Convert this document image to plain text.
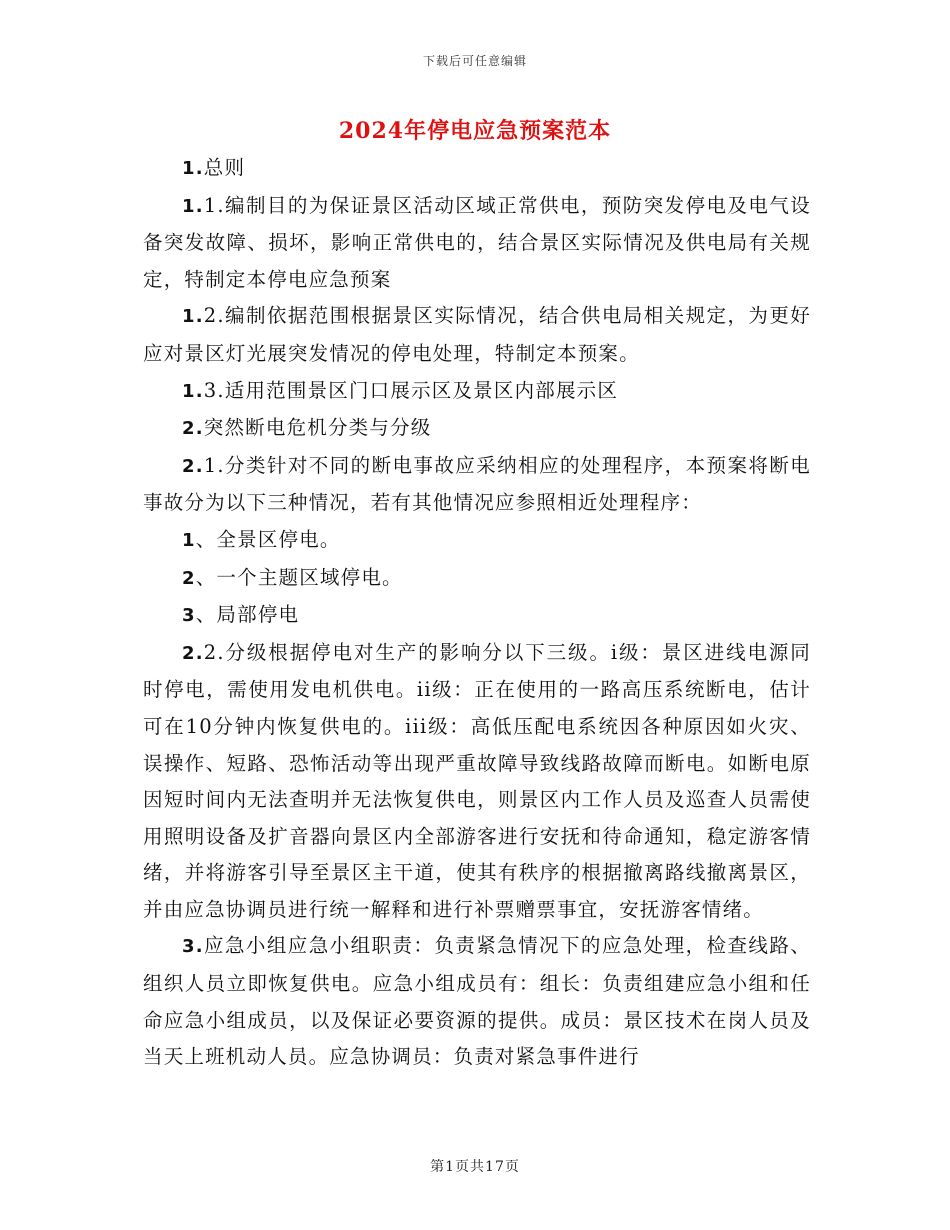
下载后可任意编辑
2024年停电应急预案范本

1.总则

1.1.编制目的为保证景区活动区域正常供电，预防突发停电及电气设备突发故障、损坏，影响正常供电的，结合景区实际情况及供电局有关规定，特制定本停电应急预案

1.2.编制依据范围根据景区实际情况，结合供电局相关规定，为更好应对景区灯光展突发情况的停电处理，特制定本预案。

1.3.适用范围景区门口展示区及景区内部展示区

2.突然断电危机分类与分级

2.1.分类针对不同的断电事故应采纳相应的处理程序，本预案将断电事故分为以下三种情况，若有其他情况应参照相近处理程序：

1、全景区停电。

2、一个主题区域停电。

3、局部停电

2.2.分级根据停电对生产的影响分以下三级。i级：景区进线电源同时停电，需使用发电机供电。ii级：正在使用的一路高压系统断电，估计可在10分钟内恢复供电的。iii级：高低压配电系统因各种原因如火灾、误操作、短路、恐怖活动等出现严重故障导致线路故障而断电。如断电原因短时间内无法查明并无法恢复供电，则景区内工作人员及巡查人员需使用照明设备及扩音器向景区内全部游客进行安抚和待命通知，稳定游客情绪，并将游客引导至景区主干道，使其有秩序的根据撤离路线撤离景区，并由应急协调员进行统一解释和进行补票赠票事宜，安抚游客情绪。

3.应急小组应急小组职责：负责紧急情况下的应急处理，检查线路、组织人员立即恢复供电。应急小组成员有：组长：负责组建应急小组和任命应急小组成员，以及保证必要资源的提供。成员：景区技术在岗人员及当天上班机动人员。应急协调员：负责对紧急事件进行

第1页共17页
